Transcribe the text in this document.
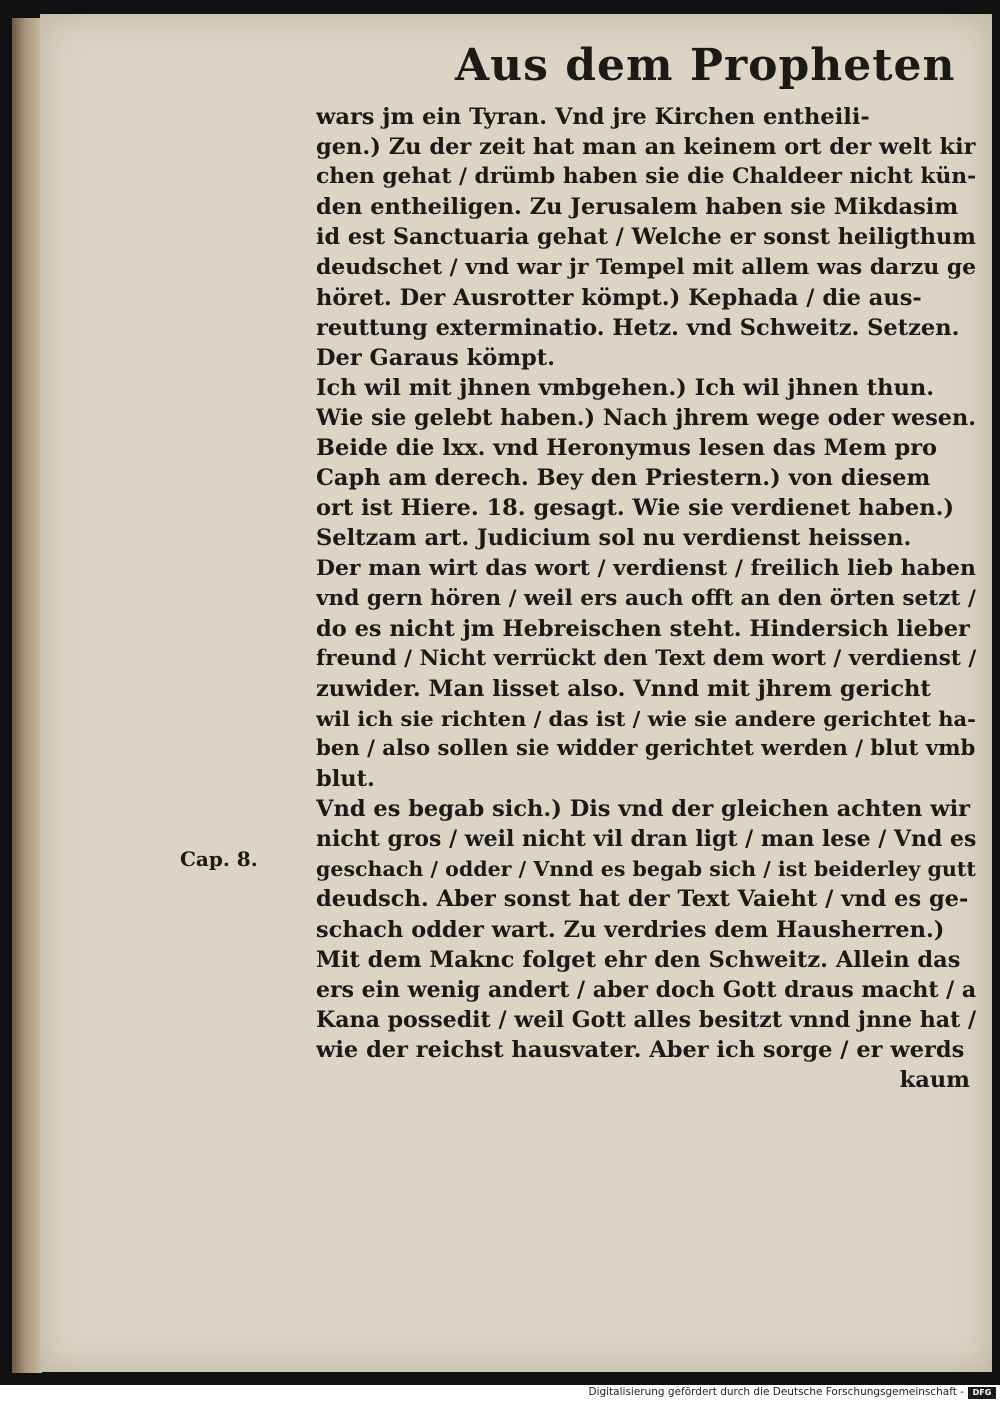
Aus dem Propheten
Cap. 8.
wars jm ein Tyran. Vnd jre Kirchen entheili-
gen.) Zu der zeit hat man an keinem ort der welt kir
chen gehat / drümb haben sie die Chaldeer nicht kün-
den entheiligen. Zu Jerusalem haben sie Mikdasim
id est Sanctuaria gehat / Welche er sonst heiligthum
deudschet / vnd war jr Tempel mit allem was darzu ge
höret. Der Ausrotter kömpt.) Kephada / die aus-
reuttung exterminatio. Hetz. vnd Schweitz. Setzen.
Der Garaus kömpt.
Ich wil mit jhnen vmbgehen.) Ich wil jhnen thun.
Wie sie gelebt haben.) Nach jhrem wege oder wesen.
Beide die lxx. vnd Heronymus lesen das Mem pro
Caph am derech. Bey den Priestern.) von diesem
ort ist Hiere. 18. gesagt. Wie sie verdienet haben.)
Seltzam art. Judicium sol nu verdienst heissen.
Der man wirt das wort / verdienst / freilich lieb haben
vnd gern hören / weil ers auch offt an den örten setzt /
do es nicht jm Hebreischen steht. Hindersich lieber
freund / Nicht verrückt den Text dem wort / verdienst /
zuwider. Man lisset also. Vnnd mit jhrem gericht
wil ich sie richten / das ist / wie sie andere gerichtet ha-
ben / also sollen sie widder gerichtet werden / blut vmb
blut.
Vnd es begab sich.) Dis vnd der gleichen achten wir
nicht gros / weil nicht vil dran ligt / man lese / Vnd es
geschach / odder / Vnnd es begab sich / ist beiderley gutt
deudsch. Aber sonst hat der Text Vaieht / vnd es ge-
schach odder wart. Zu verdries dem Hausherren.)
Mit dem Maknc folget ehr den Schweitz. Allein das
ers ein wenig andert / aber doch Gott draus macht / a
Kana possedit / weil Gott alles besitzt vnnd jnne hat /
wie der reichst hausvater. Aber ich sorge / er werds
kaum
Digitalisierung gefördert durch die Deutsche Forschungsgemeinschaft -	DFG
